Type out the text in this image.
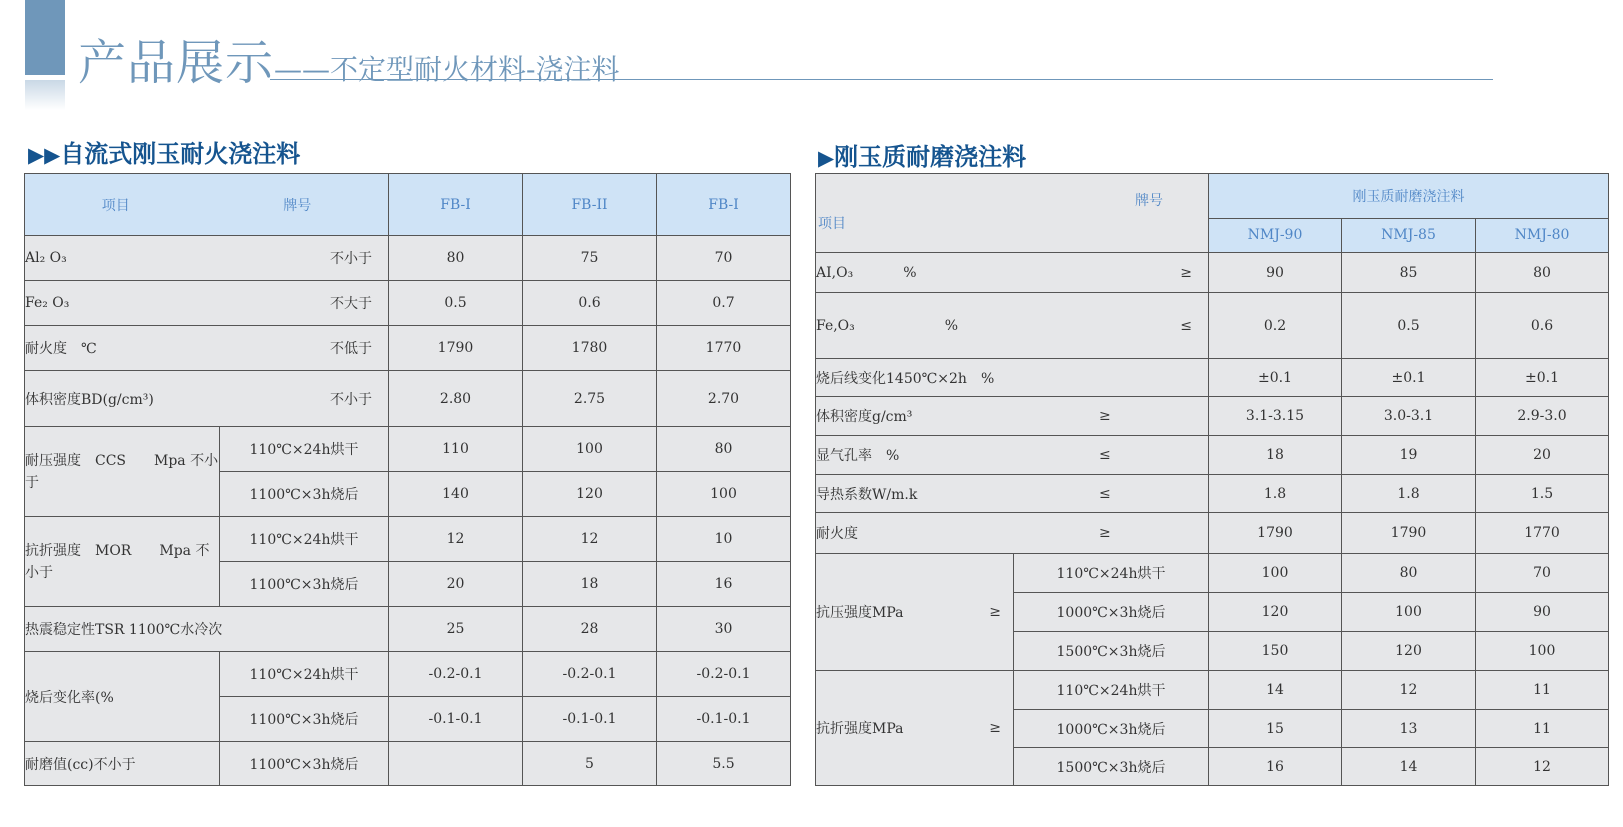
产品展示——不定型耐火材料-浇注料
▶▶自流式刚玉耐火浇注料
项目 牌号		FB-I	FB-II	FB-I

Al₂ O₃ 不小于		80	75	70

Fe₂ O₃ 不大于		0.5	0.6	0.7

耐火度　℃ 不低于		1790	1780	1770

体积密度BD(g/cm³) 不小于		2.80	2.75	2.70
耐压强度　CCS　　Mpa 不小于	110℃×24h烘干	110	100	80
	1100℃×3h烧后	140	120	100
抗折强度　MOR　　Mpa 不小于	110℃×24h烘干	12	12	10
	1100℃×3h烧后	20	18	16
热震稳定性TSR 1100℃水冷次		25	28	30
烧后变化率(%	110℃×24h烘干	-0.2-0.1	-0.2-0.1	-0.2-0.1
	1100℃×3h烧后	-0.1-0.1	-0.1-0.1	-0.1-0.1
耐磨值(cc)不小于	1100℃×3h烧后		5	5.5
▶刚玉质耐磨浇注料
牌号
项目		刚玉质耐磨浇注料		
		NMJ-90	NMJ-85	NMJ-80

AI,O₃ % ≥		90	85	80

Fe,O₃ % ≤		0.2	0.5	0.6
烧后线变化1450℃×2h　%		±0.1	±0.1	±0.1

体积密度g/cm³ ≥		3.1-3.15	3.0-3.1	2.9-3.0

显气孔率　% ≤		18	19	20

导热系数W/m.k ≤		1.8	1.8	1.5

耐火度 ≥		1790	1790	1770

抗压强度MPa ≥	110℃×24h烘干	100	80	70
	1000℃×3h烧后	120	100	90
	1500℃×3h烧后	150	120	100

抗折强度MPa ≥	110℃×24h烘干	14	12	11
	1000℃×3h烧后	15	13	11
	1500℃×3h烧后	16	14	12
